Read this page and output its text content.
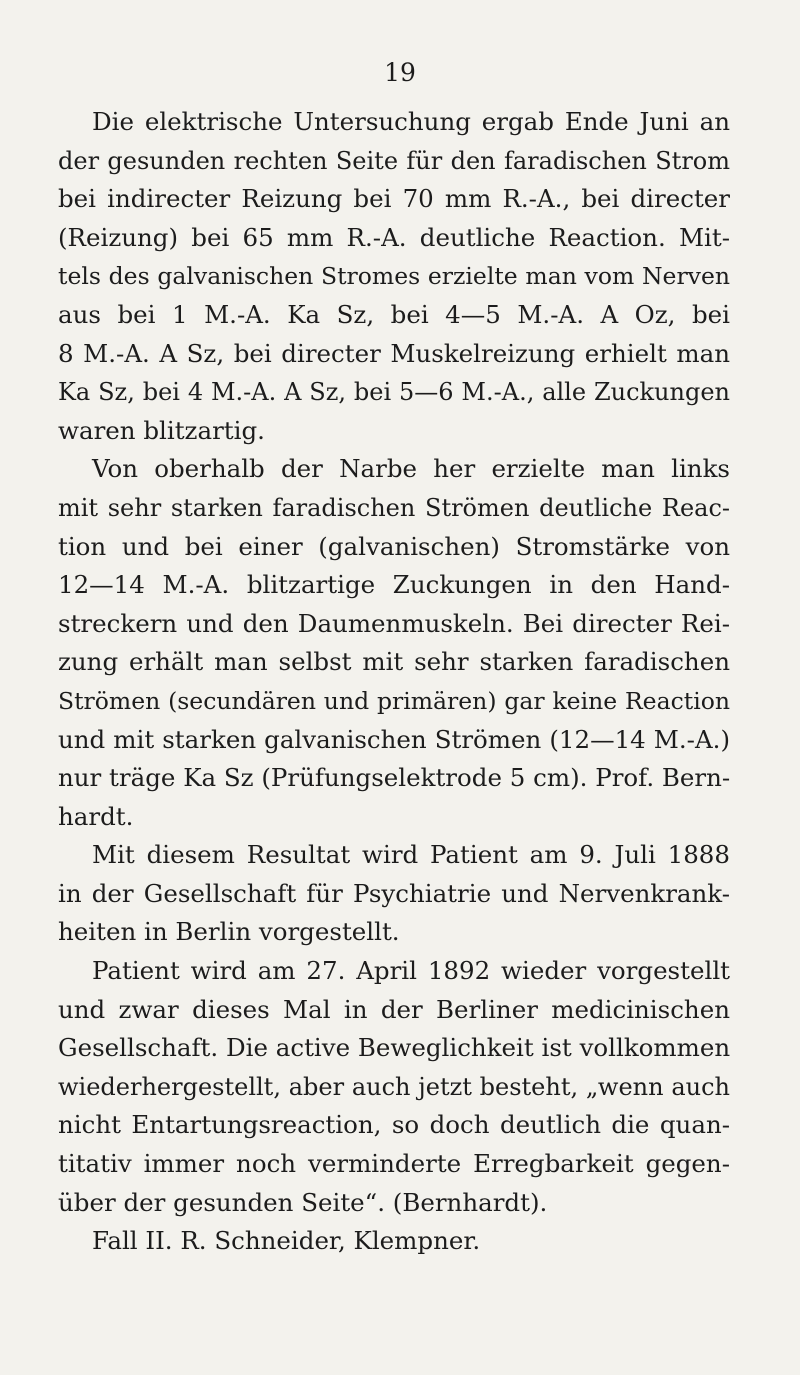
19
Die elektrische Untersuchung ergab Ende Juni an
der gesunden rechten Seite für den faradischen Strom
bei indirecter Reizung bei 70 mm R.-A., bei directer
(Reizung) bei 65 mm R.-A. deutliche Reaction. Mit-
tels des galvanischen Stromes erzielte man vom Nerven
aus bei 1 M.-A. Ka Sz, bei 4—5 M.-A. A Oz, bei
8 M.-A. A Sz, bei directer Muskelreizung erhielt man
Ka Sz, bei 4 M.-A. A Sz, bei 5—6 M.-A., alle Zuckungen
waren blitzartig.
Von oberhalb der Narbe her erzielte man links
mit sehr starken faradischen Strömen deutliche Reac-
tion und bei einer (galvanischen) Stromstärke von
12—14 M.-A. blitzartige Zuckungen in den Hand-
streckern und den Daumenmuskeln. Bei directer Rei-
zung erhält man selbst mit sehr starken faradischen
Strömen (secundären und primären) gar keine Reaction
und mit starken galvanischen Strömen (12—14 M.-A.)
nur träge Ka Sz (Prüfungselektrode 5 cm). Prof. Bern-
hardt.
Mit diesem Resultat wird Patient am 9. Juli 1888
in der Gesellschaft für Psychiatrie und Nervenkrank-
heiten in Berlin vorgestellt.
Patient wird am 27. April 1892 wieder vorgestellt
und zwar dieses Mal in der Berliner medicinischen
Gesellschaft. Die active Beweglichkeit ist vollkommen
wiederhergestellt, aber auch jetzt besteht, „wenn auch
nicht Entartungsreaction, so doch deutlich die quan-
titativ immer noch verminderte Erregbarkeit gegen-
über der gesunden Seite“. (Bernhardt).
Fall II. R. Schneider, Klempner.
